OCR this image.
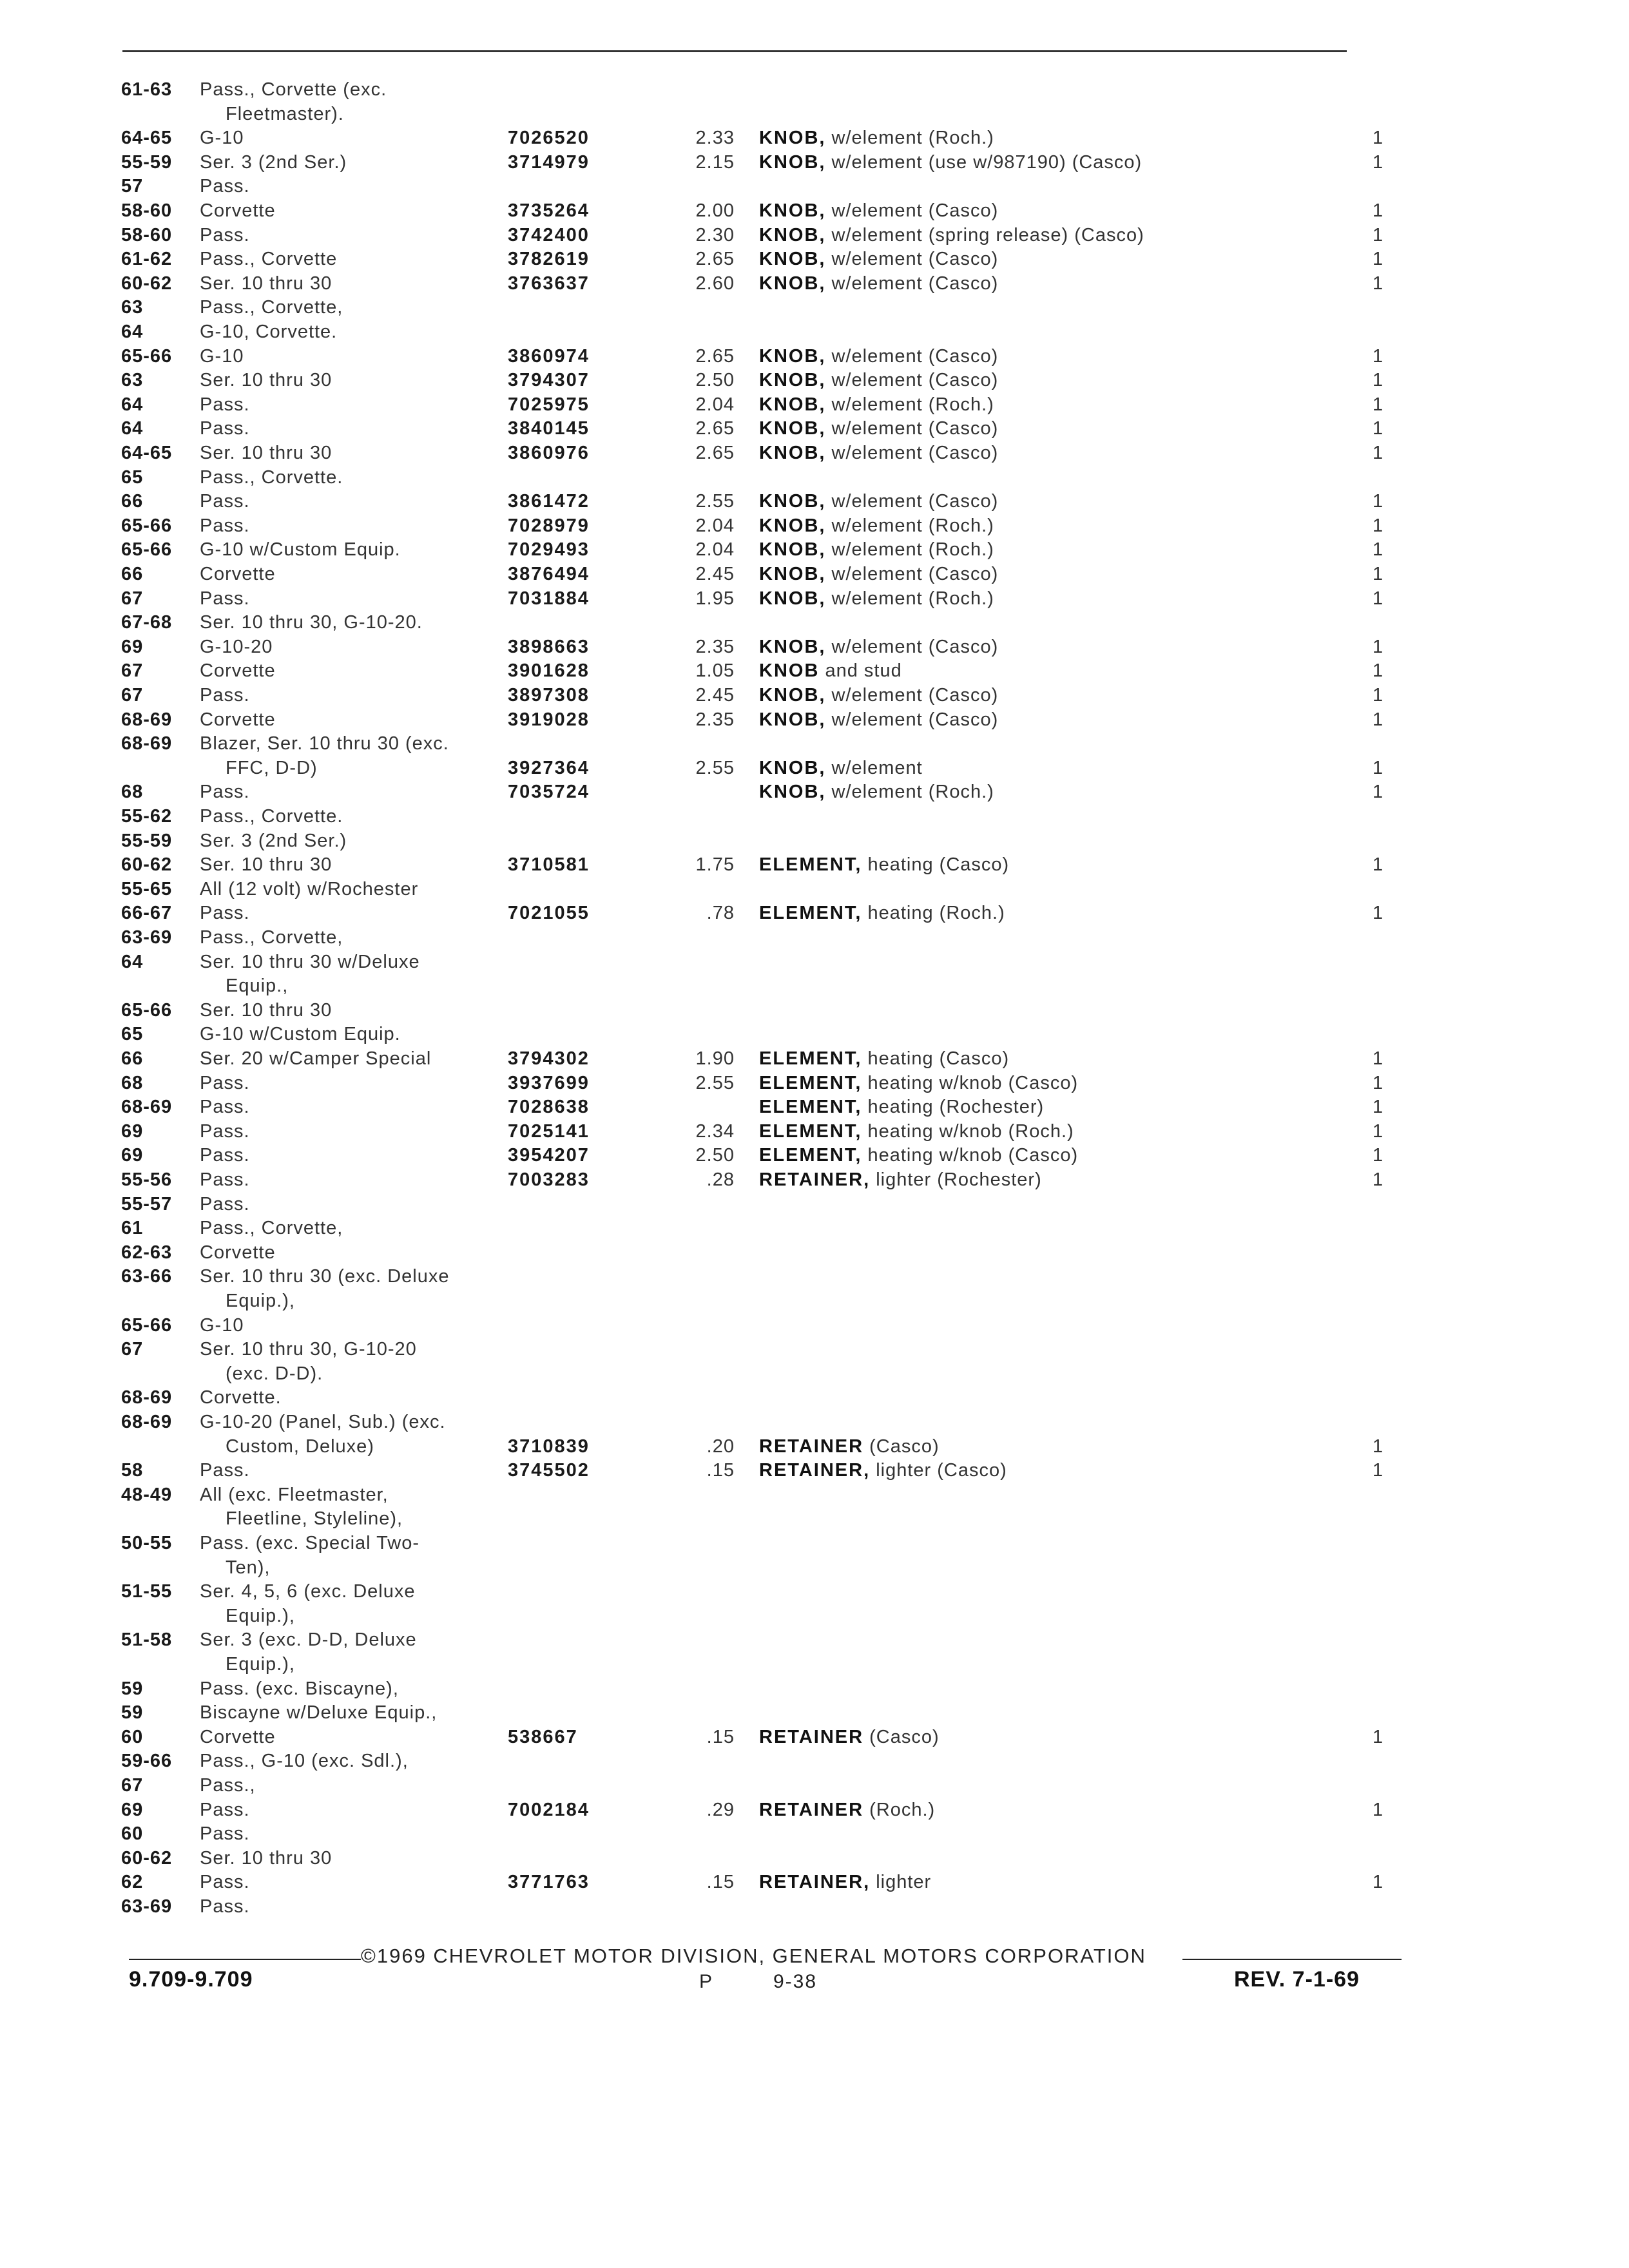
61-63 Pass., Corvette (exc.
Fleetmaster).
64-65 G-10	7026520	2.33 KNOB, w/element (Roch.)	1
55-59 Ser. 3 (2nd Ser.)	3714979	2.15 KNOB, w/element (use w/987190) (Casco)	1
57	Pass.
58-60 Corvette	3735264	2.00 KNOB, w/element (Casco)	1
58-60 Pass.	3742400	2.30 KNOB, w/element (spring release) (Casco)	1
61-62 Pass., Corvette	3782619	2.65 KNOB, w/element (Casco)	1
60-62 Ser. 10 thru 30	3763637	2.60 KNOB, w/element (Casco)	1
63	Pass., Corvette,
64	G-10, Corvette.
65-66 G-10	3860974	2.65 KNOB, w/element (Casco)	1
63	Ser. 10 thru 30	3794307	2.50 KNOB, w/element (Casco)	1
64	Pass.	7025975	2.04 KNOB, w/element (Roch.)	1
64	Pass.	3840145	2.65 KNOB, w/element (Casco)	1
64-65 Ser. 10 thru 30	3860976	2.65 KNOB, w/element (Casco)	1
65	Pass., Corvette.
66	Pass.	3861472	2.55 KNOB, w/element (Casco)	1
65-66 Pass.	7028979	2.04 KNOB, w/element (Roch.)	1
65-66 G-10 w/Custom Equip.	7029493	2.04 KNOB, w/element (Roch.)	1
66	Corvette	3876494	2.45 KNOB, w/element (Casco)	1
67	Pass.	7031884	1.95 KNOB, w/element (Roch.)	1
67-68 Ser. 10 thru 30, G-10-20.
69	G-10-20	3898663	2.35 KNOB, w/element (Casco)	1
67	Corvette	3901628	1.05 KNOB and stud	1
67	Pass.	3897308	2.45 KNOB, w/element (Casco)	1
68-69 Corvette	3919028	2.35 KNOB, w/element (Casco)	1
68-69 Blazer, Ser. 10 thru 30 (exc.
FFC, D-D)	3927364	2.55 KNOB, w/element	1
68	Pass.	7035724	KNOB, w/element (Roch.)	1
55-62 Pass., Corvette.
55-59 Ser. 3 (2nd Ser.)
60-62 Ser. 10 thru 30	3710581	1.75 ELEMENT, heating (Casco)	1
55-65 All (12 volt) w/Rochester
66-67 Pass.	7021055	.78 ELEMENT, heating (Roch.)	1
63-69 Pass., Corvette,
64	Ser. 10 thru 30 w/Deluxe
Equip.,
65-66 Ser. 10 thru 30
65	G-10 w/Custom Equip.
66	Ser. 20 w/Camper Special	3794302	1.90 ELEMENT, heating (Casco)	1
68	Pass.	3937699	2.55 ELEMENT, heating w/knob (Casco)	1
68-69 Pass.	7028638	ELEMENT, heating (Rochester)	1
69	Pass.	7025141	2.34 ELEMENT, heating w/knob (Roch.)	1
69	Pass.	3954207	2.50 ELEMENT, heating w/knob (Casco)	1
55-56 Pass.	7003283	.28 RETAINER, lighter (Rochester)	1
55-57 Pass.
61	Pass., Corvette,
62-63 Corvette
63-66 Ser. 10 thru 30 (exc. Deluxe
Equip.),
65-66 G-10
67	Ser. 10 thru 30, G-10-20
(exc. D-D).
68-69 Corvette.
68-69 G-10-20 (Panel, Sub.) (exc.
Custom, Deluxe)	3710839	.20 RETAINER (Casco)	1
58	Pass.	3745502	.15 RETAINER, lighter (Casco)	1
48-49 All (exc. Fleetmaster,
Fleetline, Styleline),
50-55 Pass. (exc. Special Two-
Ten),
51-55 Ser. 4, 5, 6 (exc. Deluxe
Equip.),
51-58 Ser. 3 (exc. D-D, Deluxe
Equip.),
59	Pass. (exc. Biscayne),
59	Biscayne w/Deluxe Equip.,
60	Corvette	538667	.15 RETAINER (Casco)	1
59-66 Pass., G-10 (exc. Sdl.),
67	Pass.,
69	Pass.	7002184	.29 RETAINER (Roch.)	1
60	Pass.
60-62 Ser. 10 thru 30
62	Pass.	3771763	.15 RETAINER, lighter	1
63-69 Pass.
©1969 CHEVROLET MOTOR DIVISION, GENERAL MOTORS CORPORATION
9.709-9.709	P	9-38	REV. 7-1-69
